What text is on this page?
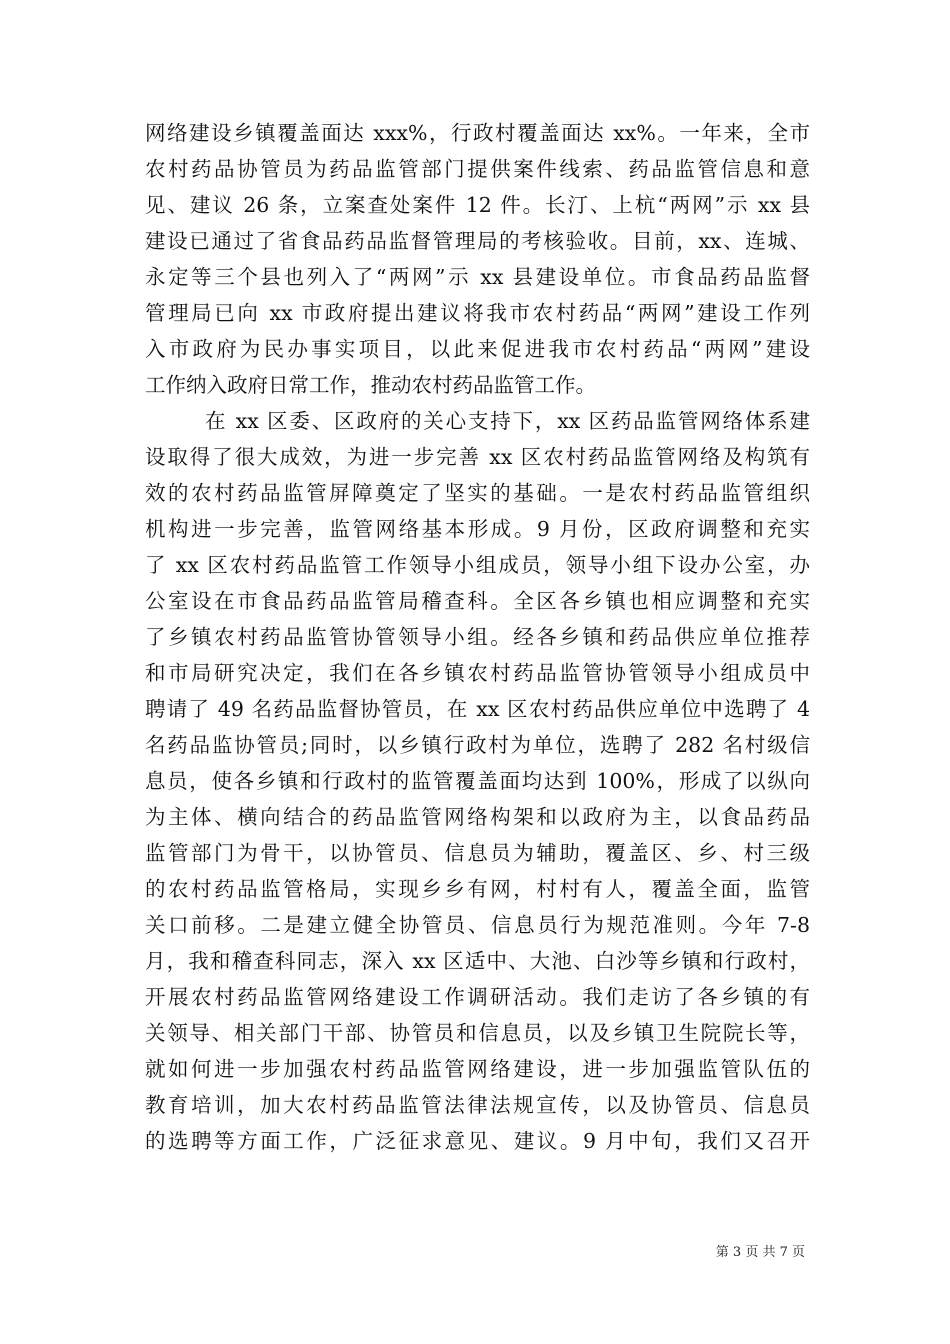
网络建设乡镇覆盖面达 xxx%，行政村覆盖面达 xx%。一年来，全市
农村药品协管员为药品监管部门提供案件线索、药品监管信息和意
见、建议 26 条，立案查处案件 12 件。长汀、上杭“两网”示 xx 县
建设已通过了省食品药品监督管理局的考核验收。目前，xx、连城、
永定等三个县也列入了“两网”示 xx 县建设单位。市食品药品监督
管理局已向 xx 市政府提出建议将我市农村药品“两网”建设工作列
入市政府为民办事实项目，以此来促进我市农村药品“两网”建设
工作纳入政府日常工作，推动农村药品监管工作。
在 xx 区委、区政府的关心支持下，xx 区药品监管网络体系建
设取得了很大成效，为进一步完善 xx 区农村药品监管网络及构筑有
效的农村药品监管屏障奠定了坚实的基础。一是农村药品监管组织
机构进一步完善，监管网络基本形成。9 月份，区政府调整和充实
了 xx 区农村药品监管工作领导小组成员，领导小组下设办公室，办
公室设在市食品药品监管局稽查科。全区各乡镇也相应调整和充实
了乡镇农村药品监管协管领导小组。经各乡镇和药品供应单位推荐
和市局研究决定，我们在各乡镇农村药品监管协管领导小组成员中
聘请了 49 名药品监督协管员，在 xx 区农村药品供应单位中选聘了 4
名药品监协管员;同时，以乡镇行政村为单位，选聘了 282 名村级信
息员，使各乡镇和行政村的监管覆盖面均达到 100%，形成了以纵向
为主体、横向结合的药品监管网络构架和以政府为主，以食品药品
监管部门为骨干，以协管员、信息员为辅助，覆盖区、乡、村三级
的农村药品监管格局，实现乡乡有网，村村有人，覆盖全面，监管
关口前移。二是建立健全协管员、信息员行为规范准则。今年 7-8
月，我和稽查科同志，深入 xx 区适中、大池、白沙等乡镇和行政村，
开展农村药品监管网络建设工作调研活动。我们走访了各乡镇的有
关领导、相关部门干部、协管员和信息员，以及乡镇卫生院院长等，
就如何进一步加强农村药品监管网络建设，进一步加强监管队伍的
教育培训，加大农村药品监管法律法规宣传，以及协管员、信息员
的选聘等方面工作，广泛征求意见、建议。9 月中旬，我们又召开
第 3 页 共 7 页
